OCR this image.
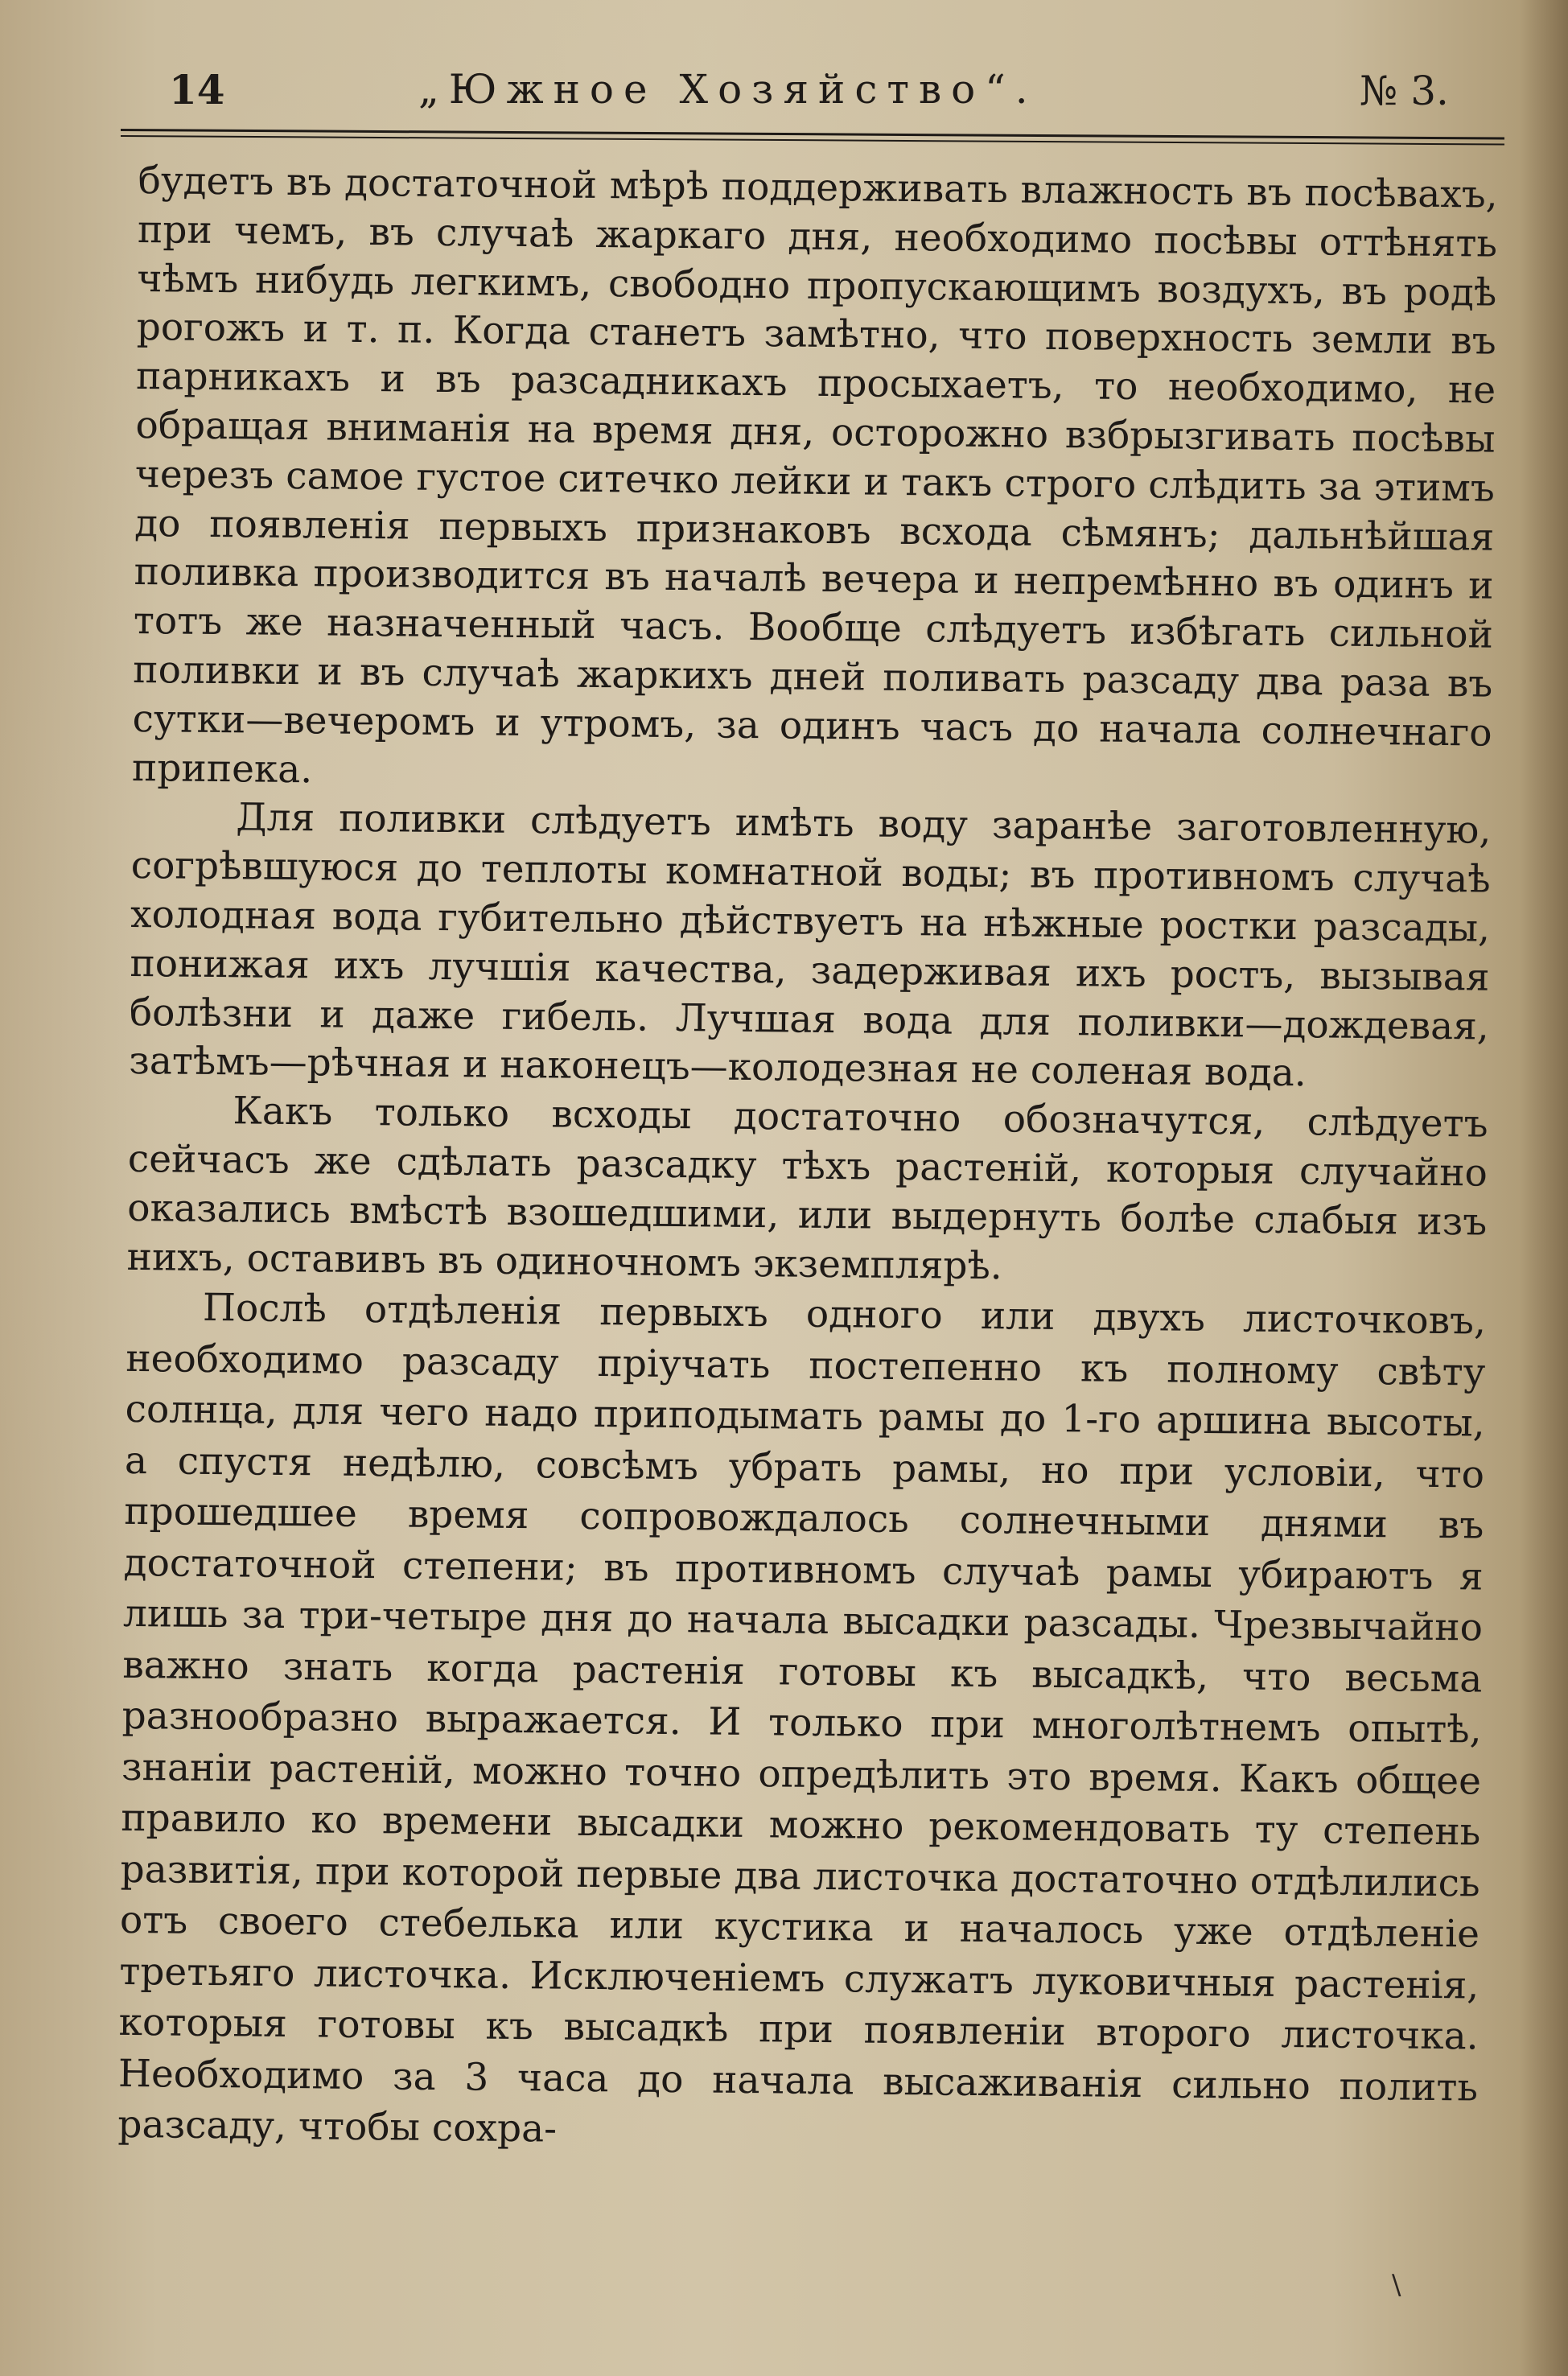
14	„Южное Хозяйство“.	№ 3.

будетъ въ достаточной мѣрѣ поддерживать влажность въ посѣвахъ, при чемъ, въ случаѣ жаркаго дня, необходимо посѣвы оттѣнять чѣмъ нибудь легкимъ, свободно пропускающимъ воздухъ, въ родѣ рогожъ и т. п. Когда станетъ замѣтно, что поверхность земли въ парникахъ и въ разсадникахъ просыхаетъ, то необходимо, не обращая вниманія на время дня, осторожно взбрызгивать посѣвы черезъ самое густое ситечко лейки и такъ строго слѣдить за этимъ до появленія первыхъ признаковъ всхода сѣмянъ; дальнѣйшая поливка производится въ началѣ вечера и непремѣнно въ одинъ и тотъ же назначенный часъ. Вообще слѣдуетъ избѣгать сильной поливки и въ случаѣ жаркихъ дней поливать разсаду два раза въ сутки—вечеромъ и утромъ, за одинъ часъ до начала солнечнаго припека.

Для поливки слѣдуетъ имѣть воду заранѣе заготовленную, согрѣвшуюся до теплоты комнатной воды; въ противномъ случаѣ холодная вода губительно дѣйствуетъ на нѣжные ростки разсады, понижая ихъ лучшія качества, задерживая ихъ ростъ, вызывая болѣзни и даже гибель. Лучшая вода для поливки—дождевая, затѣмъ—рѣчная и наконецъ—колодезная не соленая вода.

Какъ только всходы достаточно обозначутся, слѣдуетъ сейчасъ же сдѣлать разсадку тѣхъ растеній, которыя случайно оказались вмѣстѣ взошедшими, или выдернуть болѣе слабыя изъ нихъ, оставивъ въ одиночномъ экземплярѣ.

Послѣ отдѣленія первыхъ одного или двухъ листочковъ, необходимо разсаду пріучать постепенно къ полному свѣту солнца, для чего надо приподымать рамы до 1-го аршина высоты, а спустя недѣлю, совсѣмъ убрать рамы, но при условіи, что прошедшее время сопровождалось солнечными днями въ достаточной степени; въ противномъ случаѣ рамы убираютъ я лишь за три-четыре дня до начала высадки разсады. Чрезвычайно важно знать когда растенія готовы къ высадкѣ, что весьма разнообразно выражается. И только при многолѣтнемъ опытѣ, знаніи растеній, можно точно опредѣлить это время. Какъ общее правило ко времени высадки можно рекомендовать ту степень развитія, при которой первые два листочка достаточно отдѣлились отъ своего стебелька или кустика и началось уже отдѣленіе третьяго листочка. Исключеніемъ служатъ луковичныя растенія, которыя готовы къ высадкѣ при появленіи второго листочка. Необходимо за 3 часа до начала высаживанія сильно полить разсаду, чтобы сохра-

\
